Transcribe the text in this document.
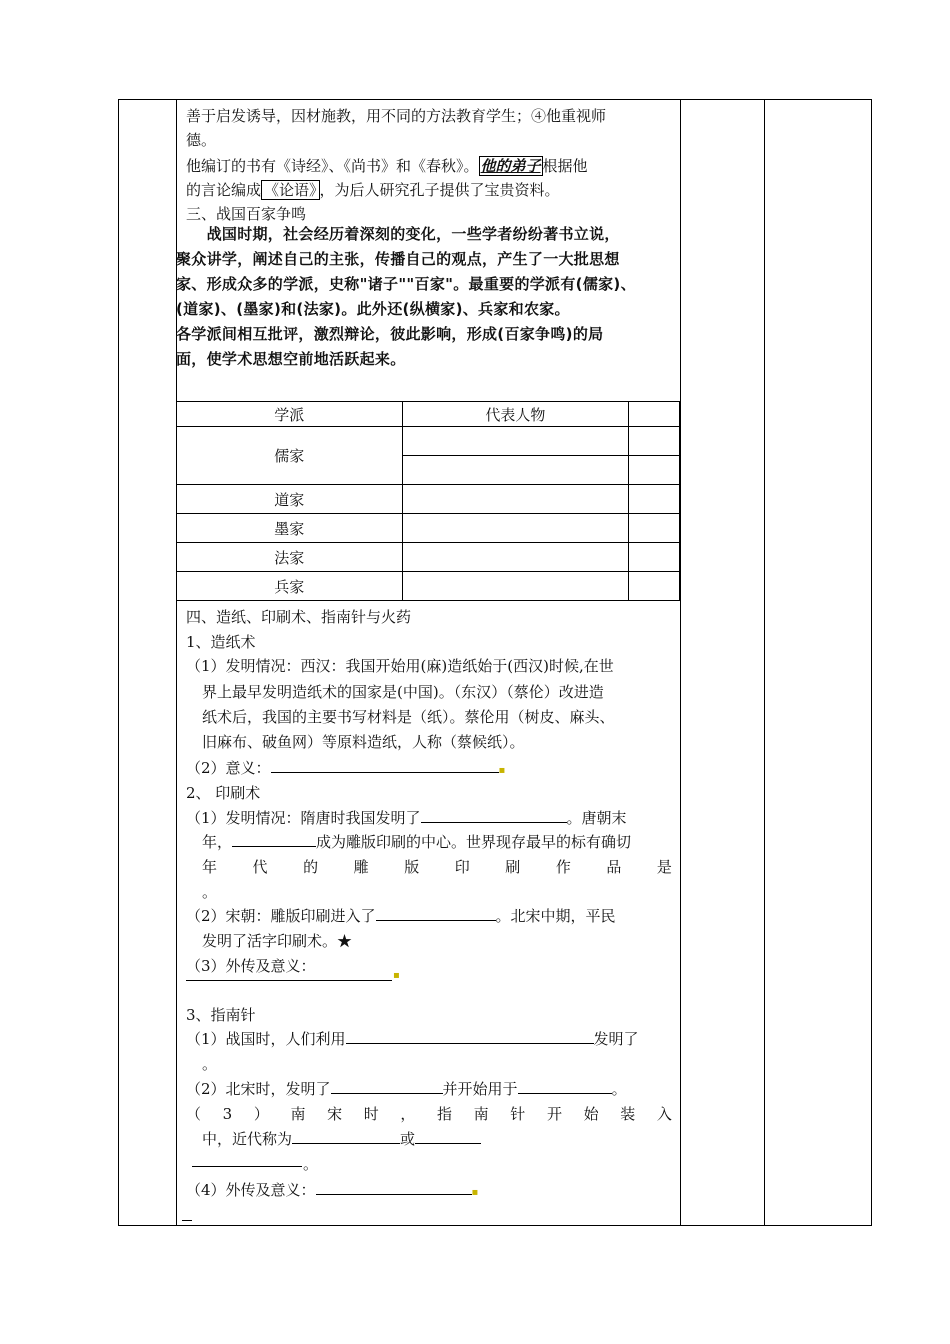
善于启发诱导，因材施教，用不同的方法教育学生；④他重视师
德。
他编订的书有《诗经》、《尚书》和《春秋》。 他的弟子 根据他
的言论编成 《论语》 ，为后人研究孔子提供了宝贵资料。
三、战国百家争鸣
　　战国时期，社会经历着深刻的变化，一些学者纷纷著书立说，
聚众讲学，阐述自己的主张，传播自己的观点，产生了一大批思想
家、形成众多的学派，史称"诸子""百家"。最重要的学派有(儒家)、
(道家)、(墨家)和(法家)。此外还(纵横家)、兵家和农家。
各学派间相互批评，激烈辩论，彼此影响，形成(百家争鸣)的局
面，使学术思想空前地活跃起来。
学派	代表人物	
儒家		

道家		
墨家		
法家		
兵家		
四、造纸、印刷术、指南针与火药
1、造纸术
（1）发明情况：西汉：我国开始用(麻)造纸始于(西汉)时候,在世
界上最早发明造纸术的国家是(中国)。（东汉）（蔡伦）改进造
纸术后，我国的主要书写材料是（纸）。蔡伦用（树皮、麻头、
旧麻布、破鱼网）等原料造纸，人称（蔡候纸）。
（2）意义：	▪
2、 印刷术
（1）发明情况：隋唐时我国发明了	。唐朝末
年，	成为雕版印刷的中心。世界现存最早的标有确切
年 代 的 雕 版 印 刷 作 品 是
。
（2）宋朝：雕版印刷进入了	。北宋中期，平民
发明了活字印刷术。★
（3）外传及意义：
▪
3、指南针
（1）战国时，人们利用	发明了
。
（2）北宋时，发明了	并开始用于	。
（ 3 ） 南 宋 时 ， 指 南 针 开 始 装 入
中，近代称为	或
。
（4）外传及意义：	▪
